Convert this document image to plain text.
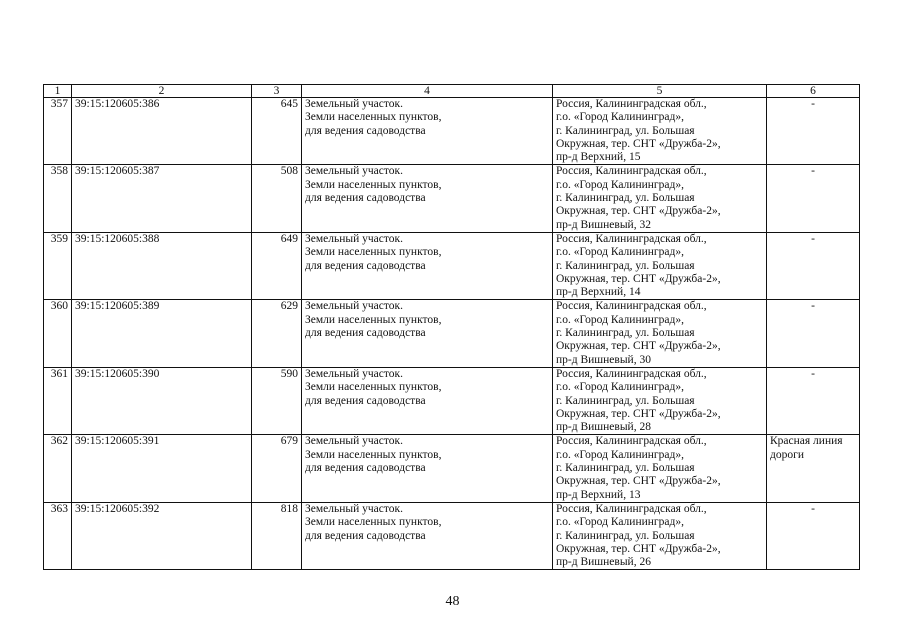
1	2	3	4	5	6
357	39:15:120605:386	645	Земельный участок.
Земли населенных пунктов,
для ведения садоводства	Россия, Калининградская обл.,
г.о. «Город Калининград»,
г. Калининград, ул. Большая
Окружная, тер. СНТ «Дружба-2»,
пр-д Верхний, 15	-

358	39:15:120605:387	508	Земельный участок.
Земли населенных пунктов,
для ведения садоводства	Россия, Калининградская обл.,
г.о. «Город Калининград»,
г. Калининград, ул. Большая
Окружная, тер. СНТ «Дружба-2»,
пр-д Вишневый, 32	-

359	39:15:120605:388	649	Земельный участок.
Земли населенных пунктов,
для ведения садоводства	Россия, Калининградская обл.,
г.о. «Город Калининград»,
г. Калининград, ул. Большая
Окружная, тер. СНТ «Дружба-2»,
пр-д Верхний, 14	-

360	39:15:120605:389	629	Земельный участок.
Земли населенных пунктов,
для ведения садоводства	Россия, Калининградская обл.,
г.о. «Город Калининград»,
г. Калининград, ул. Большая
Окружная, тер. СНТ «Дружба-2»,
пр-д Вишневый, 30	-

361	39:15:120605:390	590	Земельный участок.
Земли населенных пунктов,
для ведения садоводства	Россия, Калининградская обл.,
г.о. «Город Калининград»,
г. Калининград, ул. Большая
Окружная, тер. СНТ «Дружба-2»,
пр-д Вишневый, 28	-

362	39:15:120605:391	679	Земельный участок.
Земли населенных пунктов,
для ведения садоводства	Россия, Калининградская обл.,
г.о. «Город Калининград»,
г. Калининград, ул. Большая
Окружная, тер. СНТ «Дружба-2»,
пр-д Верхний, 13	Красная линия
дороги

363	39:15:120605:392	818	Земельный участок.
Земли населенных пунктов,
для ведения садоводства	Россия, Калининградская обл.,
г.о. «Город Калининград»,
г. Калининград, ул. Большая
Окружная, тер. СНТ «Дружба-2»,
пр-д Вишневый, 26	-
48
